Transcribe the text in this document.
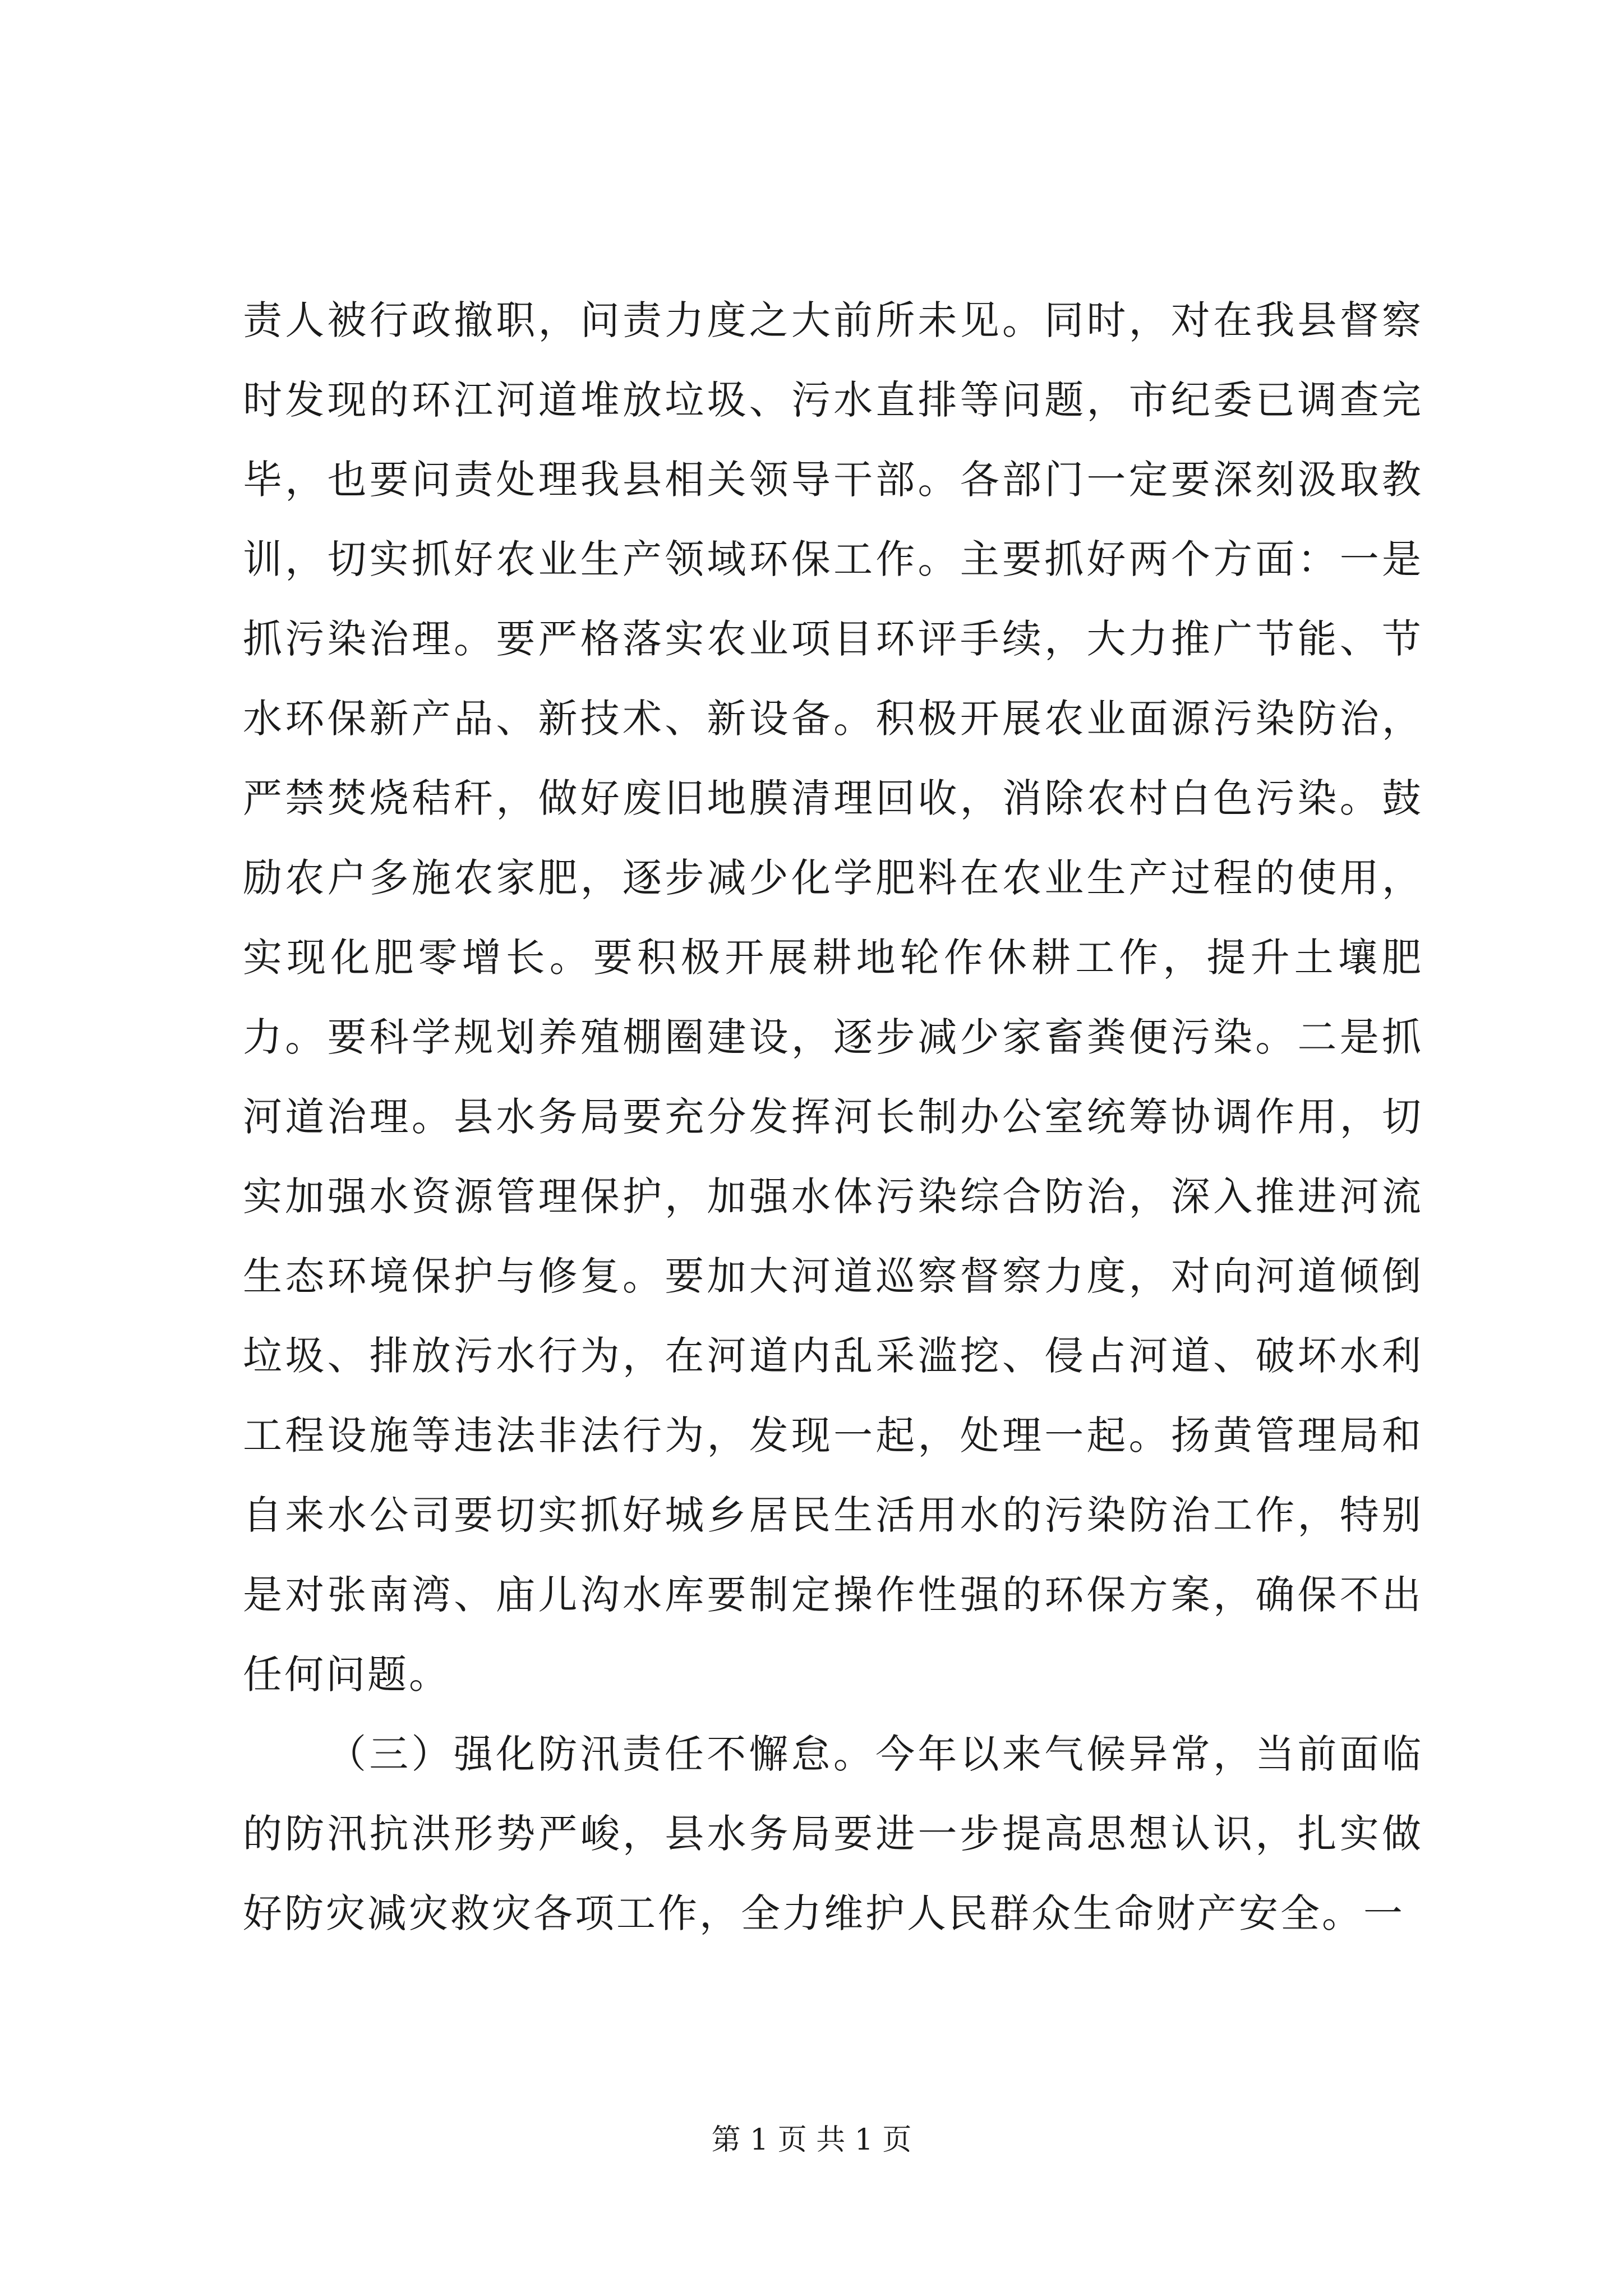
责人被行政撤职，问责力度之大前所未见。同时，对在我县督察时发现的环江河道堆放垃圾、污水直排等问题，市纪委已调查完毕，也要问责处理我县相关领导干部。各部门一定要深刻汲取教训，切实抓好农业生产领域环保工作。主要抓好两个方面：一是抓污染治理。要严格落实农业项目环评手续，大力推广节能、节水环保新产品、新技术、新设备。积极开展农业面源污染防治，严禁焚烧秸秆，做好废旧地膜清理回收，消除农村白色污染。鼓励农户多施农家肥，逐步减少化学肥料在农业生产过程的使用，实现化肥零增长。要积极开展耕地轮作休耕工作，提升土壤肥力。要科学规划养殖棚圈建设，逐步减少家畜粪便污染。二是抓河道治理。县水务局要充分发挥河长制办公室统筹协调作用，切实加强水资源管理保护，加强水体污染综合防治，深入推进河流生态环境保护与修复。要加大河道巡察督察力度，对向河道倾倒垃圾、排放污水行为，在河道内乱采滥挖、侵占河道、破坏水利工程设施等违法非法行为，发现一起，处理一起。扬黄管理局和自来水公司要切实抓好城乡居民生活用水的污染防治工作，特别是对张南湾、庙儿沟水库要制定操作性强的环保方案，确保不出任何问题。

（三）强化防汛责任不懈怠。今年以来气候异常，当前面临的防汛抗洪形势严峻，县水务局要进一步提高思想认识，扎实做好防灾减灾救灾各项工作，全力维护人民群众生命财产安全。一

第 1 页 共 1 页
